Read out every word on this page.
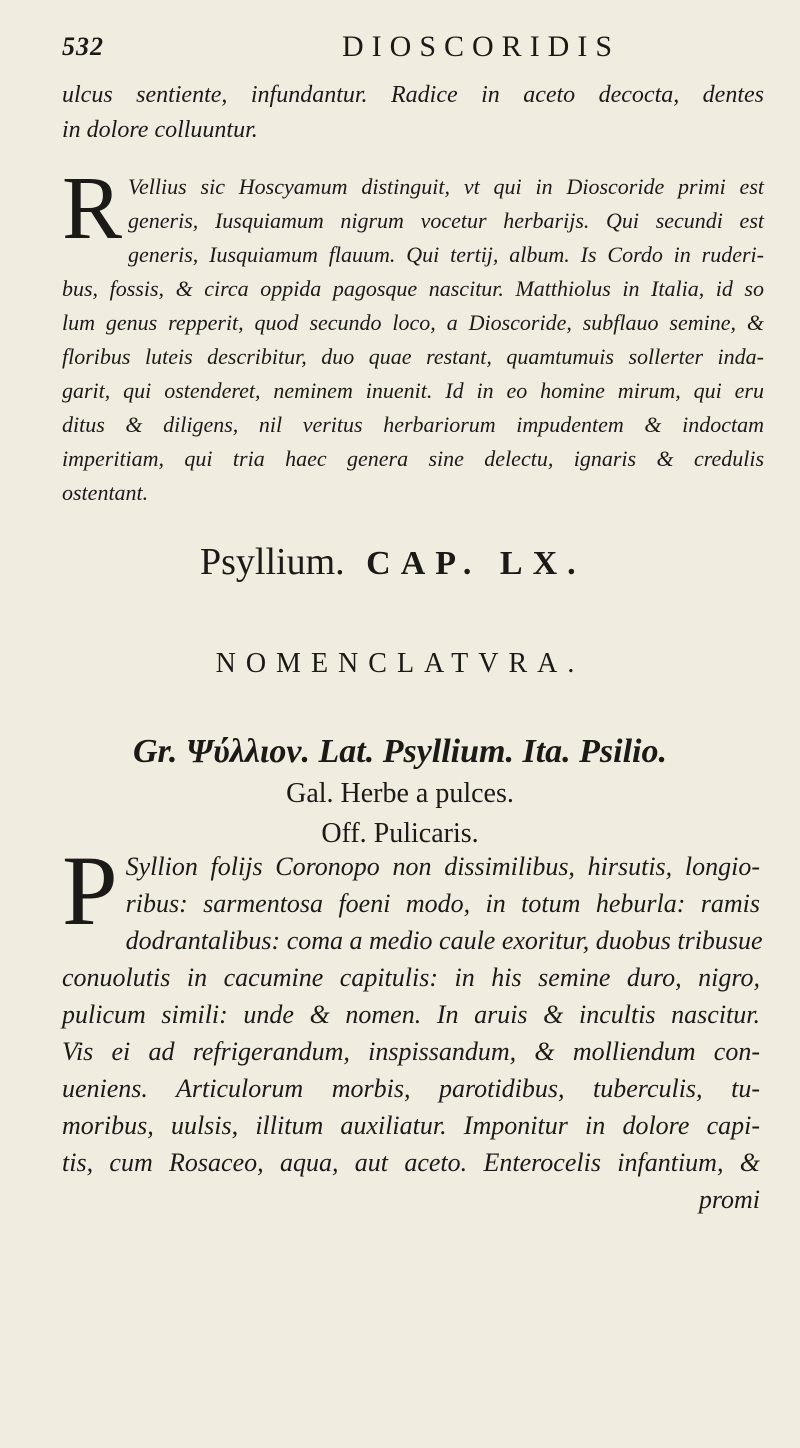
532	DIOSCORIDIS
ulcus sentiente, infundantur. Radice in aceto decocta, dentes
in dolore colluuntur.
R Vellius sic Hoscyamum distinguit, vt qui in Dioscoride primi est
generis, Iusquiamum nigrum vocetur herbarijs. Qui secundi est
generis, Iusquiamum flauum. Qui tertij, album. Is Cordo in ruderi-
bus, fossis, & circa oppida pagosque nascitur. Matthiolus in Italia, id so
lum genus repperit, quod secundo loco, a Dioscoride, subflauo semine, &
floribus luteis describitur, duo quae restant, quamtumuis sollerter inda-
garit, qui ostenderet, neminem inuenit. Id in eo homine mirum, qui eru
ditus & diligens, nil veritus herbariorum impudentem & indoctam
imperitiam, qui tria haec genera sine delectu, ignaris & credulis
ostentant.
Psyllium. CAP. LX.
NOMENCLATVRA.
Gr. Ψύλλιον. Lat. Psyllium. Ita. Psilio.
Gal. Herbe a pulces.
Off. Pulicaris.
P Syllion folijs Coronopo non dissimilibus, hirsutis, longio-
ribus: sarmentosa foeni modo, in totum heburla: ramis
dodrantalibus: coma a medio caule exoritur, duobus tribusue
conuolutis in cacumine capitulis: in his semine duro, nigro,
pulicum simili: unde & nomen. In aruis & incultis nascitur.
Vis ei ad refrigerandum, inspissandum, & molliendum con-
ueniens. Articulorum morbis, parotidibus, tuberculis, tu-
moribus, uulsis, illitum auxiliatur. Imponitur in dolore capi-
tis, cum Rosaceo, aqua, aut aceto. Enterocelis infantium, &
promi
